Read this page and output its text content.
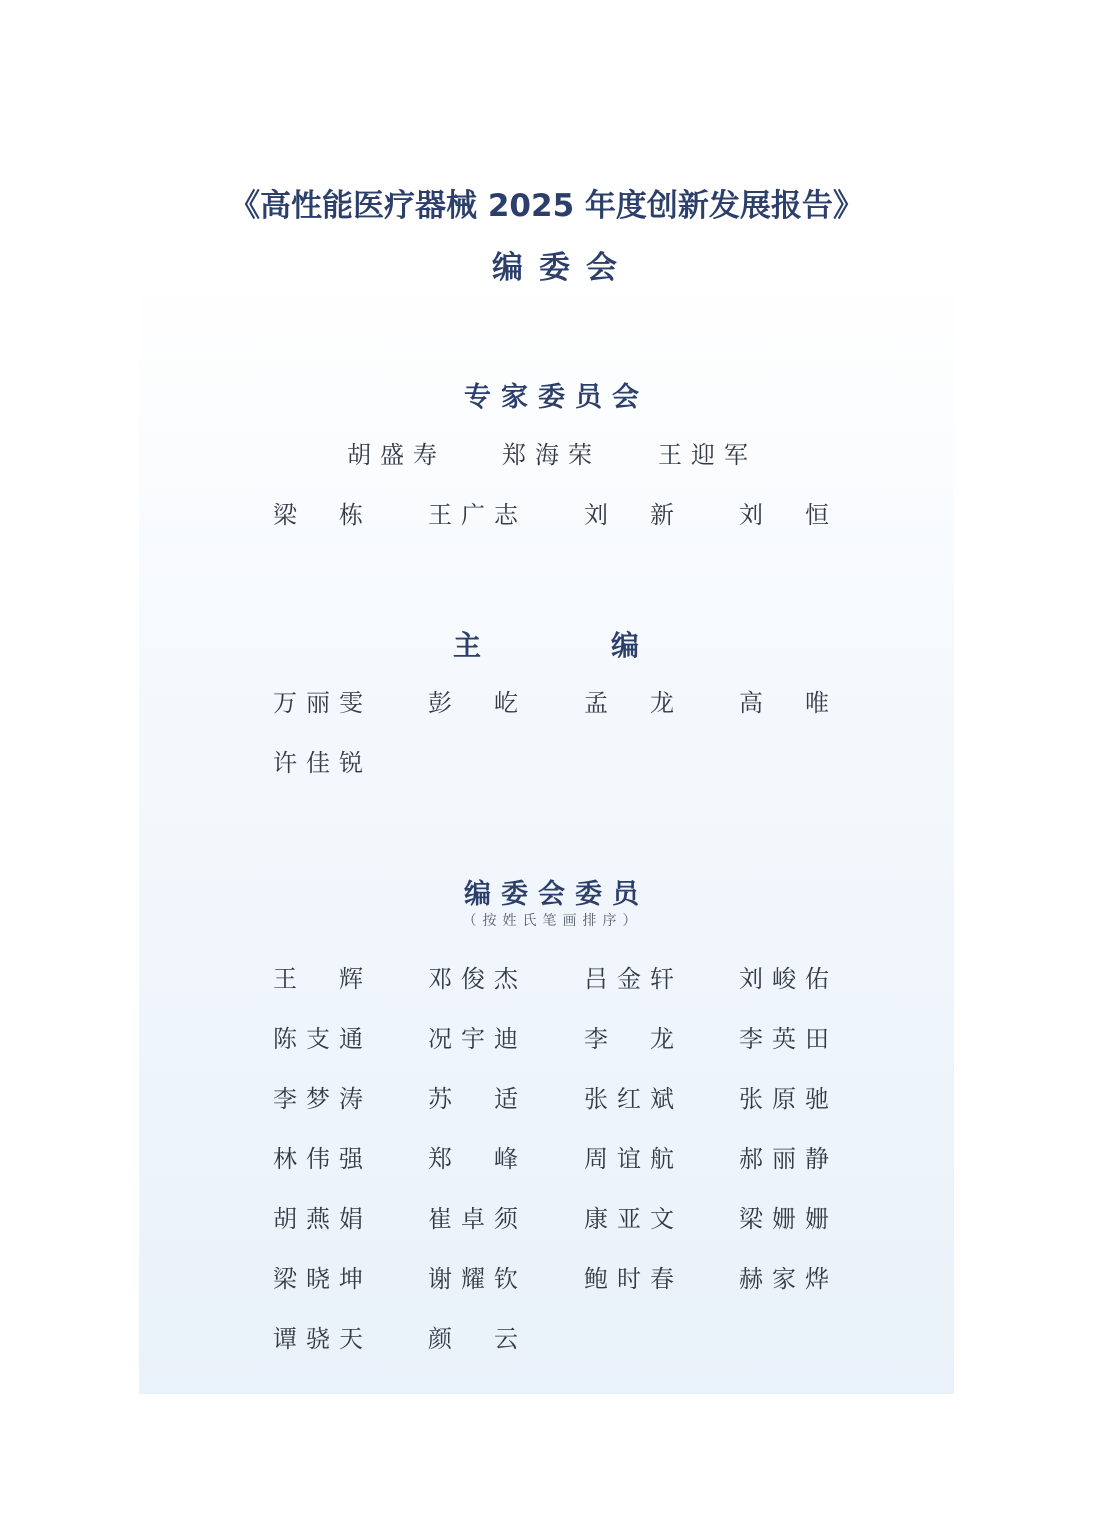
《高性能医疗器械 2025 年度创新发展报告》
编委会
专家委员会
胡 盛 寿	郑 海 荣	王 迎 军
梁 栋	王 广 志	刘 新	刘 恒
主	编
万 丽 雯	彭 屹	孟 龙	高 唯
许 佳 锐
编委会委员
（按姓氏笔画排序）
王 辉	邓 俊 杰	吕 金 轩	刘 峻 佑
陈 支 通	况 宇 迪	李 龙	李 英 田
李 梦 涛	苏 适	张 红 斌	张 原 驰
林 伟 强	郑 峰	周 谊 航	郝 丽 静
胡 燕 娟	崔 卓 须	康 亚 文	梁 姗 姗
梁 晓 坤	谢 耀 钦	鲍 时 春	赫 家 烨
谭 骁 天	颜 云
